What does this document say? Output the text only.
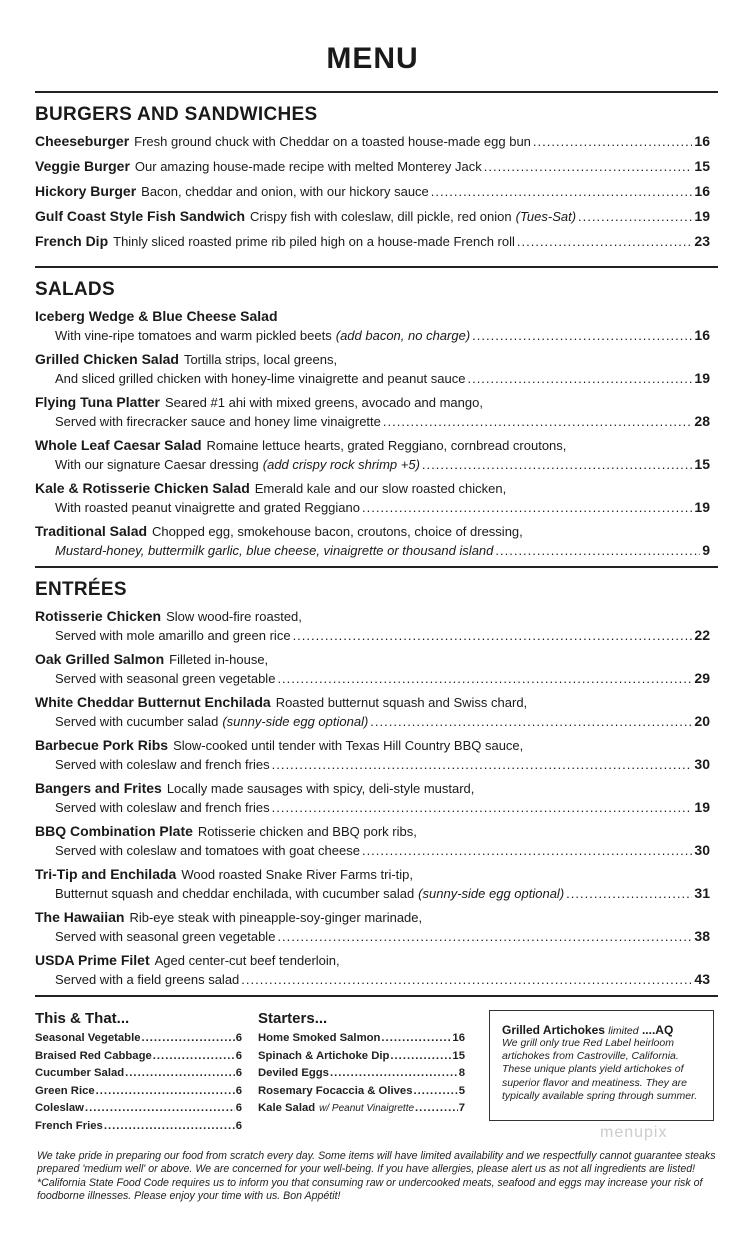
MENU
BURGERS AND SANDWICHES
Cheeseburger Fresh ground chuck with Cheddar on a toasted house-made egg bun .....	16
Veggie Burger Our amazing house-made recipe with melted Monterey Jack .....	15
Hickory Burger Bacon, cheddar and onion, with our hickory sauce .....	16
Gulf Coast Style Fish Sandwich Crispy fish with coleslaw, dill pickle, red onion (Tues-Sat) .....	19
French Dip Thinly sliced roasted prime rib piled high on a house-made French roll .....	23
SALADS
Iceberg Wedge & Blue Cheese Salad
With vine-ripe tomatoes and warm pickled beets (add bacon, no charge) .....	16
Grilled Chicken Salad Tortilla strips, local greens,
And sliced grilled chicken with honey-lime vinaigrette and peanut sauce .....	19
Flying Tuna Platter Seared #1 ahi with mixed greens, avocado and mango,
Served with firecracker sauce and honey lime vinaigrette .....	28
Whole Leaf Caesar Salad Romaine lettuce hearts, grated Reggiano, cornbread croutons,
With our signature Caesar dressing (add crispy rock shrimp +5) .....	15
Kale & Rotisserie Chicken Salad Emerald kale and our slow roasted chicken,
With roasted peanut vinaigrette and grated Reggiano .....	19
Traditional Salad Chopped egg, smokehouse bacon, croutons, choice of dressing,
Mustard-honey, buttermilk garlic, blue cheese, vinaigrette or thousand island .....	9
ENTRÉES
Rotisserie Chicken Slow wood-fire roasted,
Served with mole amarillo and green rice .....	22
Oak Grilled Salmon Filleted in-house,
Served with seasonal green vegetable .....	29
White Cheddar Butternut Enchilada Roasted butternut squash and Swiss chard,
Served with cucumber salad (sunny-side egg optional) .....	20
Barbecue Pork Ribs Slow-cooked until tender with Texas Hill Country BBQ sauce,
Served with coleslaw and french fries .....	30
Bangers and Frites Locally made sausages with spicy, deli-style mustard,
Served with coleslaw and french fries .....	19
BBQ Combination Plate Rotisserie chicken and BBQ pork ribs,
Served with coleslaw and tomatoes with goat cheese .....	30
Tri-Tip and Enchilada Wood roasted Snake River Farms tri-tip,
Butternut squash and cheddar enchilada, with cucumber salad (sunny-side egg optional) .....	31
The Hawaiian Rib-eye steak with pineapple-soy-ginger marinade,
Served with seasonal green vegetable .....	38
USDA Prime Filet Aged center-cut beef tenderloin,
Served with a field greens salad .....	43
This & That...
Seasonal Vegetable .....	6
Braised Red Cabbage .....	6
Cucumber Salad .....	6
Green Rice .....	6
Coleslaw .....	6
French Fries .....	6
Starters...
Home Smoked Salmon .....	16
Spinach & Artichoke Dip .....	15
Deviled Eggs .....	8
Rosemary Focaccia & Olives .....	5
Kale Salad w/ Peanut Vinaigrette .....	7
Grilled Artichokes limited ....AQ

We grill only true Red Label heirloom artichokes from Castroville, California. These unique plants yield artichokes of superior flavor and meatiness. They are typically available spring through summer.

menupix
We take pride in preparing our food from scratch every day. Some items will have limited availability and we respectfully cannot guarantee steaks prepared 'medium well' or above. We are concerned for your well-being. If you have allergies, please alert us as not all ingredients are listed! *California State Food Code requires us to inform you that consuming raw or undercooked meats, seafood and eggs may increase your risk of foodborne illnesses. Please enjoy your time with us. Bon Appétit!
